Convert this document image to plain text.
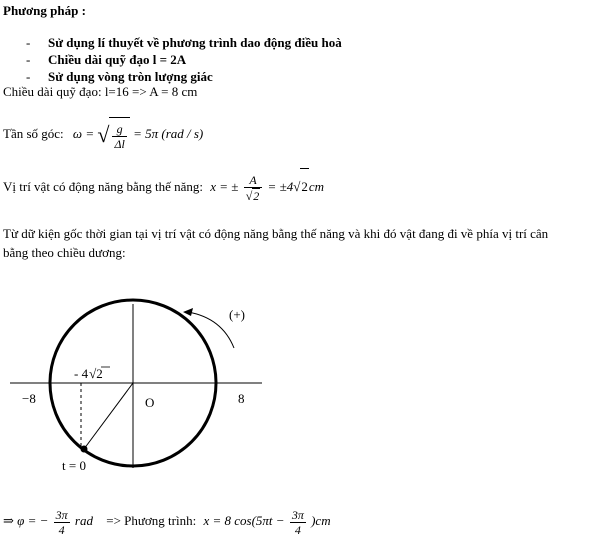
Phương pháp :
- Sử dụng lí thuyết về phương trình dao động điều hoà
- Chiều dài quỹ đạo l = 2A
- Sử dụng vòng tròn lượng giác
Chiều dài quỹ đạo: l=16 => A = 8 cm
Tần số góc: ω = √ $\frac{g}{\Delta l} = 5\pi$ (rad / s)
Vị trí vật có động năng bằng thế năng: x = ± $\frac{A}{√2} = \pm 4√2cm$
Từ dữ kiện gốc thời gian tại vị trí vật có động năng bằng thế năng và khi đó vật đang đi về phía vị trí cân
bằng theo chiều dương:
−8	8
O
- 4√2
t = 0
(+)
⇒ φ = − $\frac{3\pi}{4}$ rad => Phương trình: x = 8 $\cos(5\pi t - \frac{3\pi}{4} )cm$
